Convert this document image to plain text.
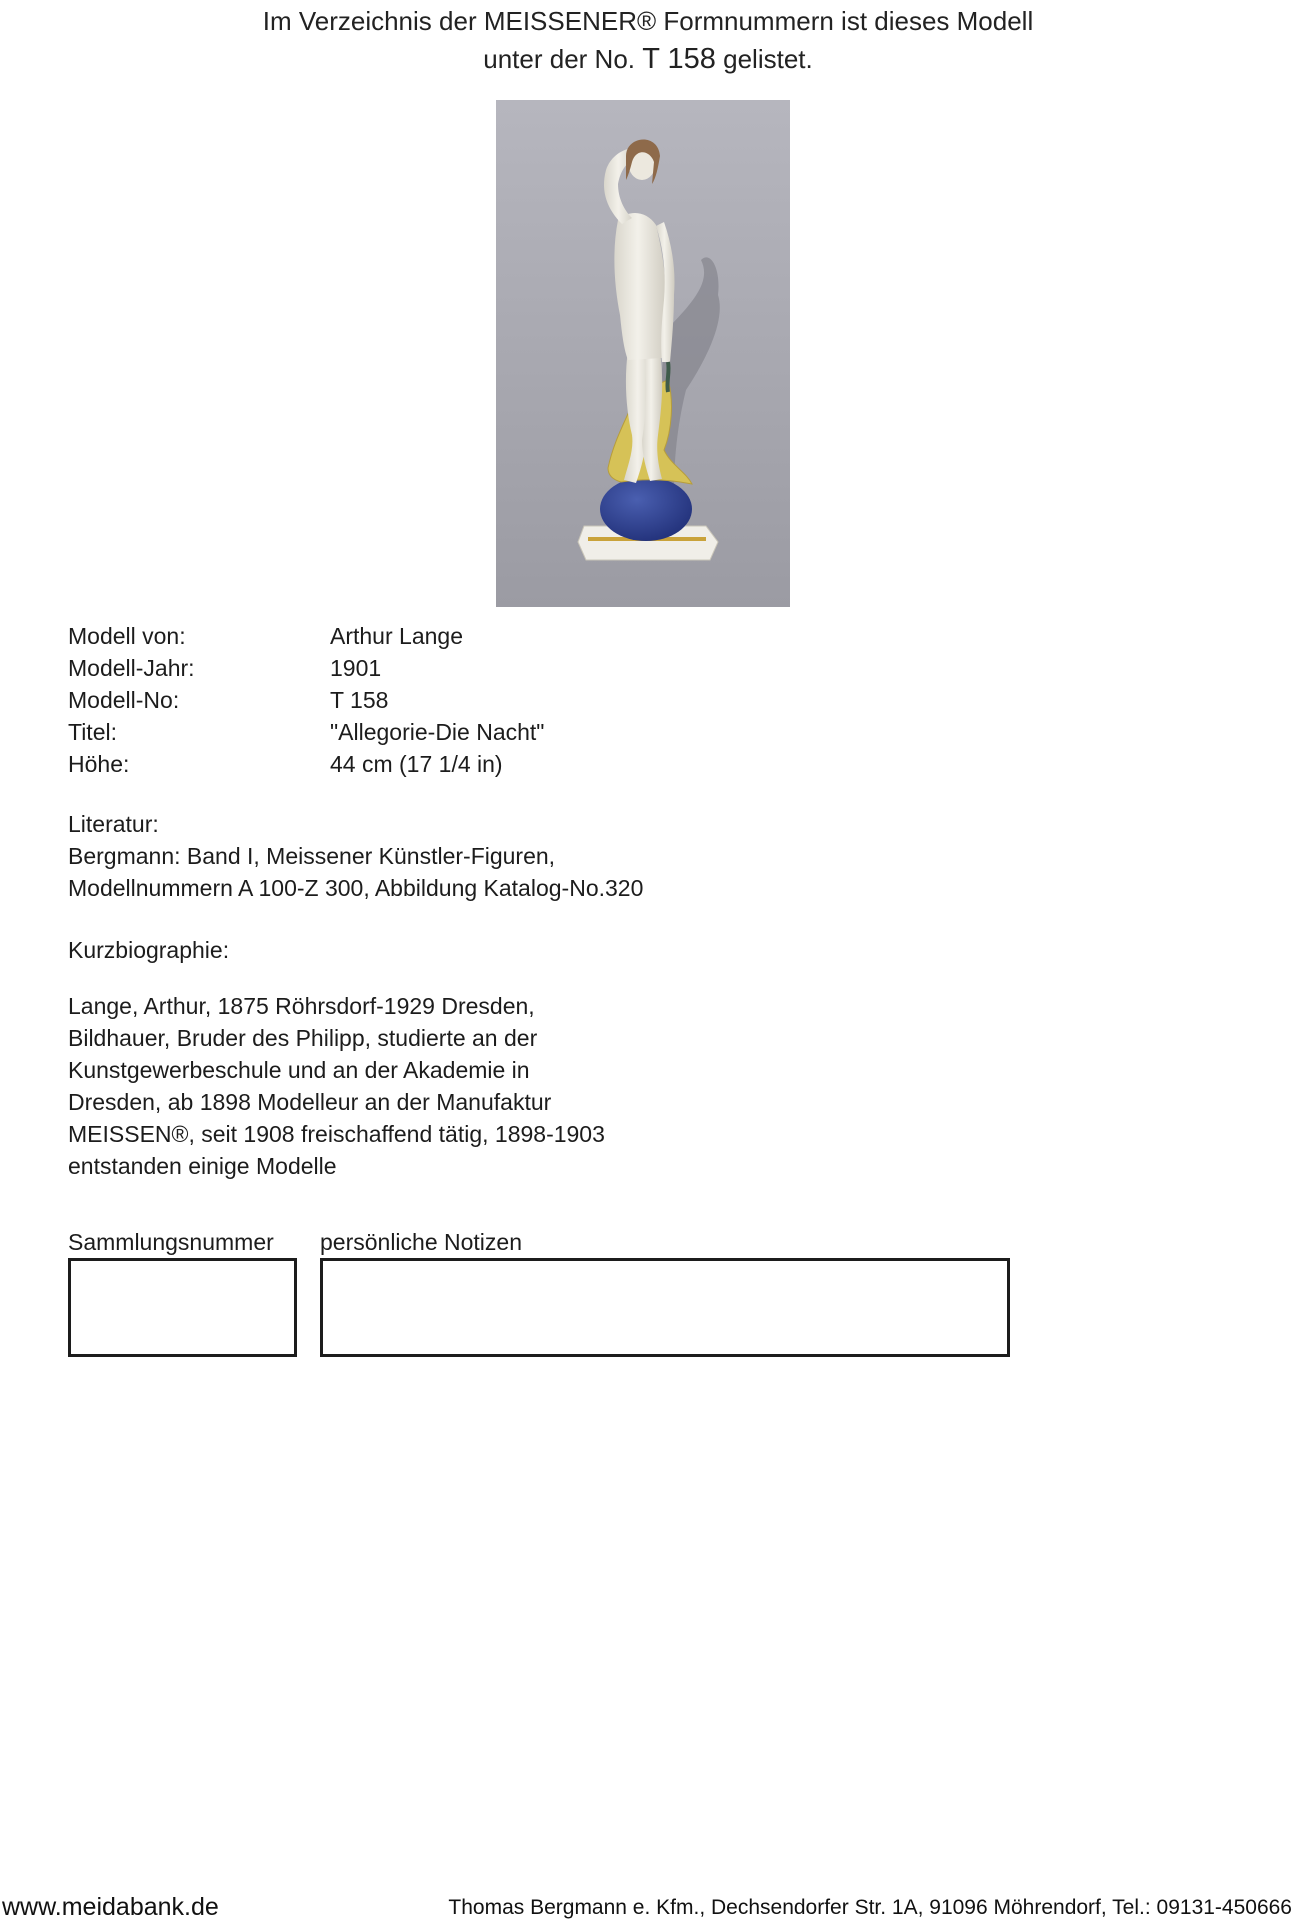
Im Verzeichnis der MEISSENER® Formnummern ist dieses Modell
unter der No. T 158 gelistet.
Modell von:	Arthur Lange
Modell-Jahr:	1901
Modell-No:	T 158
Titel:	"Allegorie-Die Nacht"
Höhe:	44 cm (17 1/4 in)
Literatur:
Bergmann: Band I, Meissener Künstler-Figuren,
Modellnummern A 100-Z 300, Abbildung Katalog-No.320
Kurzbiographie:
Lange, Arthur, 1875 Röhrsdorf-1929 Dresden,
Bildhauer, Bruder des Philipp, studierte an der
Kunstgewerbeschule und an der Akademie in
Dresden, ab 1898 Modelleur an der Manufaktur
MEISSEN®, seit 1908 freischaffend tätig, 1898-1903
entstanden einige Modelle
Sammlungsnummer persönliche Notizen
www.meidabank.de	Thomas Bergmann e. Kfm., Dechsendorfer Str. 1A, 91096 Möhrendorf, Tel.: 09131-450666
